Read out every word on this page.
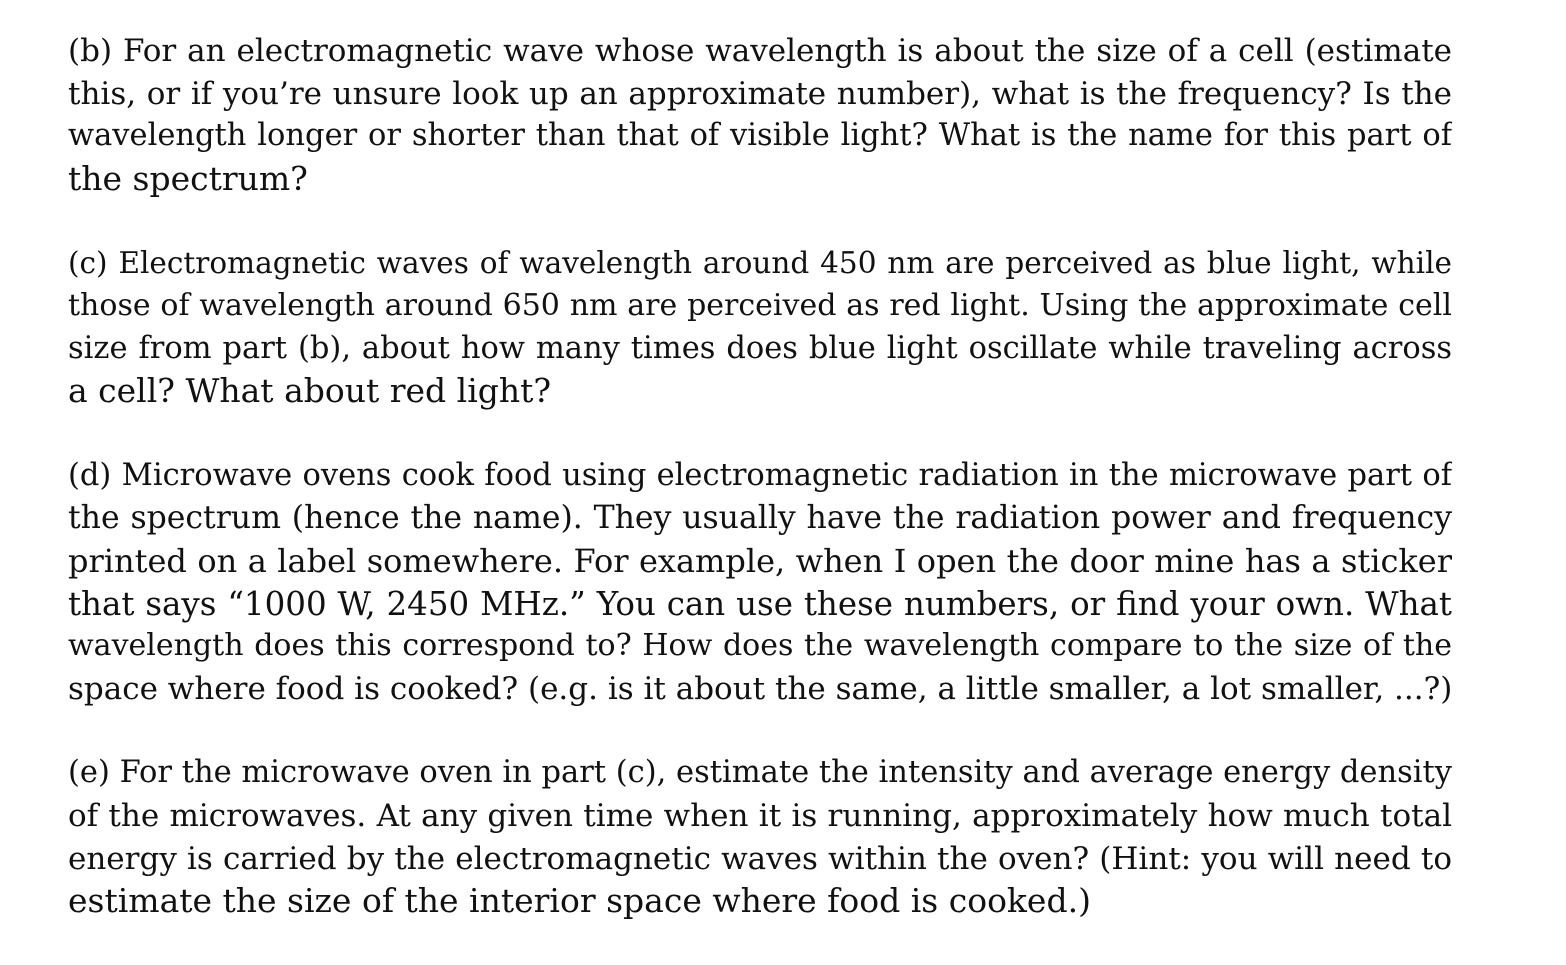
(b) For an electromagnetic wave whose wavelength is about the size of a cell (estimate
this, or if you’re unsure look up an approximate number), what is the frequency? Is the
wavelength longer or shorter than that of visible light? What is the name for this part of
the spectrum?
(c) Electromagnetic waves of wavelength around 450 nm are perceived as blue light, while
those of wavelength around 650 nm are perceived as red light. Using the approximate cell
size from part (b), about how many times does blue light oscillate while traveling across
a cell? What about red light?
(d) Microwave ovens cook food using electromagnetic radiation in the microwave part of
the spectrum (hence the name). They usually have the radiation power and frequency
printed on a label somewhere. For example, when I open the door mine has a sticker
that says “1000 W, 2450 MHz.” You can use these numbers, or find your own. What
wavelength does this correspond to? How does the wavelength compare to the size of the
space where food is cooked? (e.g. is it about the same, a little smaller, a lot smaller, ...?)
(e) For the microwave oven in part (c), estimate the intensity and average energy density
of the microwaves. At any given time when it is running, approximately how much total
energy is carried by the electromagnetic waves within the oven? (Hint: you will need to
estimate the size of the interior space where food is cooked.)
